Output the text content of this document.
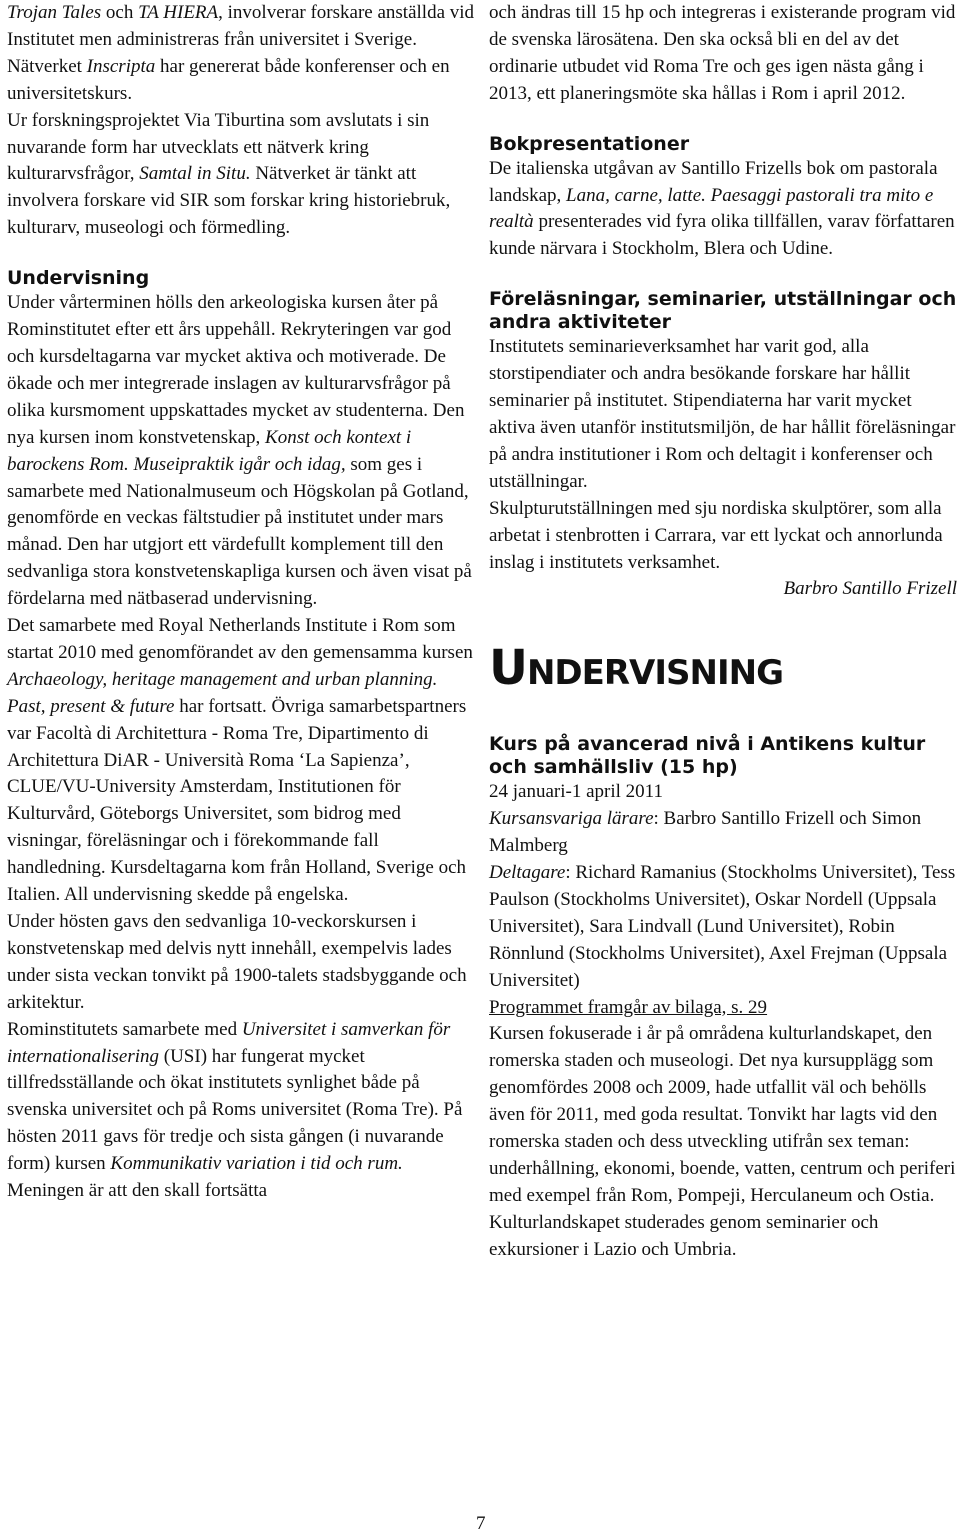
Trojan Tales och TA HIERA, involverar forskare anställda vid Institutet men administreras från universitet i Sverige. Nätverket Inscripta har genererat både konferenser och en universitetskurs.

Ur forskningsprojektet Via Tiburtina som avslutats i sin nuvarande form har utvecklats ett nätverk kring kulturarvsfrågor, Samtal in Situ. Nätverket är tänkt att involvera forskare vid SIR som forskar kring historiebruk, kulturarv, museologi och förmedling.

Undervisning

Under vårterminen hölls den arkeologiska kursen åter på Rominstitutet efter ett års uppehåll. Rekryteringen var god och kursdeltagarna var mycket aktiva och motiverade. De ökade och mer integrerade inslagen av kulturarvsfrågor på olika kursmoment uppskattades mycket av studenterna. Den nya kursen inom konstvetenskap, Konst och kontext i barockens Rom. Museipraktik igår och idag, som ges i samarbete med Nationalmuseum och Högskolan på Gotland, genomförde en veckas fältstudier på institutet under mars månad. Den har utgjort ett värdefullt komplement till den sedvanliga stora konstvetenskapliga kursen och även visat på fördelarna med nätbaserad undervisning.

Det samarbete med Royal Netherlands Institute i Rom som startat 2010 med genomförandet av den gemensamma kursen Archaeology, heritage management and urban planning. Past, present & future har fortsatt. Övriga samarbetspartners var Facoltà di Architettura - Roma Tre, Dipartimento di Architettura DiAR - Università Roma ‘La Sapienza’, CLUE/VU-University Amsterdam, Institutionen för Kulturvård, Göteborgs Universitet, som bidrog med visningar, föreläsningar och i förekommande fall handledning. Kursdeltagarna kom från Holland, Sverige och Italien. All undervisning skedde på engelska.

Under hösten gavs den sedvanliga 10-veckorskursen i konstvetenskap med delvis nytt innehåll, exempelvis lades under sista veckan tonvikt på 1900-talets stadsbyggande och arkitektur.

Rominstitutets samarbete med Universitet i samverkan för internationalisering (USI) har fungerat mycket tillfredsställande och ökat institutets synlighet både på svenska universitet och på Roms universitet (Roma Tre). På hösten 2011 gavs för tredje och sista gången (i nuvarande form) kursen Kommunikativ variation i tid och rum. Meningen är att den skall fortsätta

och ändras till 15 hp och integreras i existerande program vid de svenska lärosätena. Den ska också bli en del av det ordinarie utbudet vid Roma Tre och ges igen nästa gång i 2013, ett planeringsmöte ska hållas i Rom i april 2012.

Bokpresentationer

De italienska utgåvan av Santillo Frizells bok om pastorala landskap, Lana, carne, latte. Paesaggi pastorali tra mito e realtà presenterades vid fyra olika tillfällen, varav författaren kunde närvara i Stockholm, Blera och Udine.

Föreläsningar, seminarier, utställningar och andra aktiviteter

Institutets seminarieverksamhet har varit god, alla storstipendiater och andra besökande forskare har hållit seminarier på institutet. Stipendiaterna har varit mycket aktiva även utanför institutsmiljön, de har hållit föreläsningar på andra institutioner i Rom och deltagit i konferenser och utställningar.

Skulpturutställningen med sju nordiska skulptörer, som alla arbetat i stenbrotten i Carrara, var ett lyckat och annorlunda inslag i institutets verksamhet.

Barbro Santillo Frizell

Undervisning
Kurs på avancerad nivå i Antikens kultur och samhällsliv (15 hp)

24 januari-1 april 2011

Kursansvariga lärare: Barbro Santillo Frizell och Simon Malmberg

Deltagare: Richard Ramanius (Stockholms Universitet), Tess Paulson (Stockholms Universitet), Oskar Nordell (Uppsala Universitet), Sara Lindvall (Lund Universitet), Robin Rönnlund (Stockholms Universitet), Axel Frejman (Uppsala Universitet)

Programmet framgår av bilaga, s. 29

Kursen fokuserade i år på områdena kulturlandskapet, den romerska staden och museologi. Det nya kursupplägg som genomfördes 2008 och 2009, hade utfallit väl och behölls även för 2011, med goda resultat. Tonvikt har lagts vid den romerska staden och dess utveckling utifrån sex teman: underhållning, ekonomi, boende, vatten, centrum och periferi med exempel från Rom, Pompeji, Herculaneum och Ostia. Kulturlandskapet studerades genom seminarier och exkursioner i Lazio och Umbria.

7
